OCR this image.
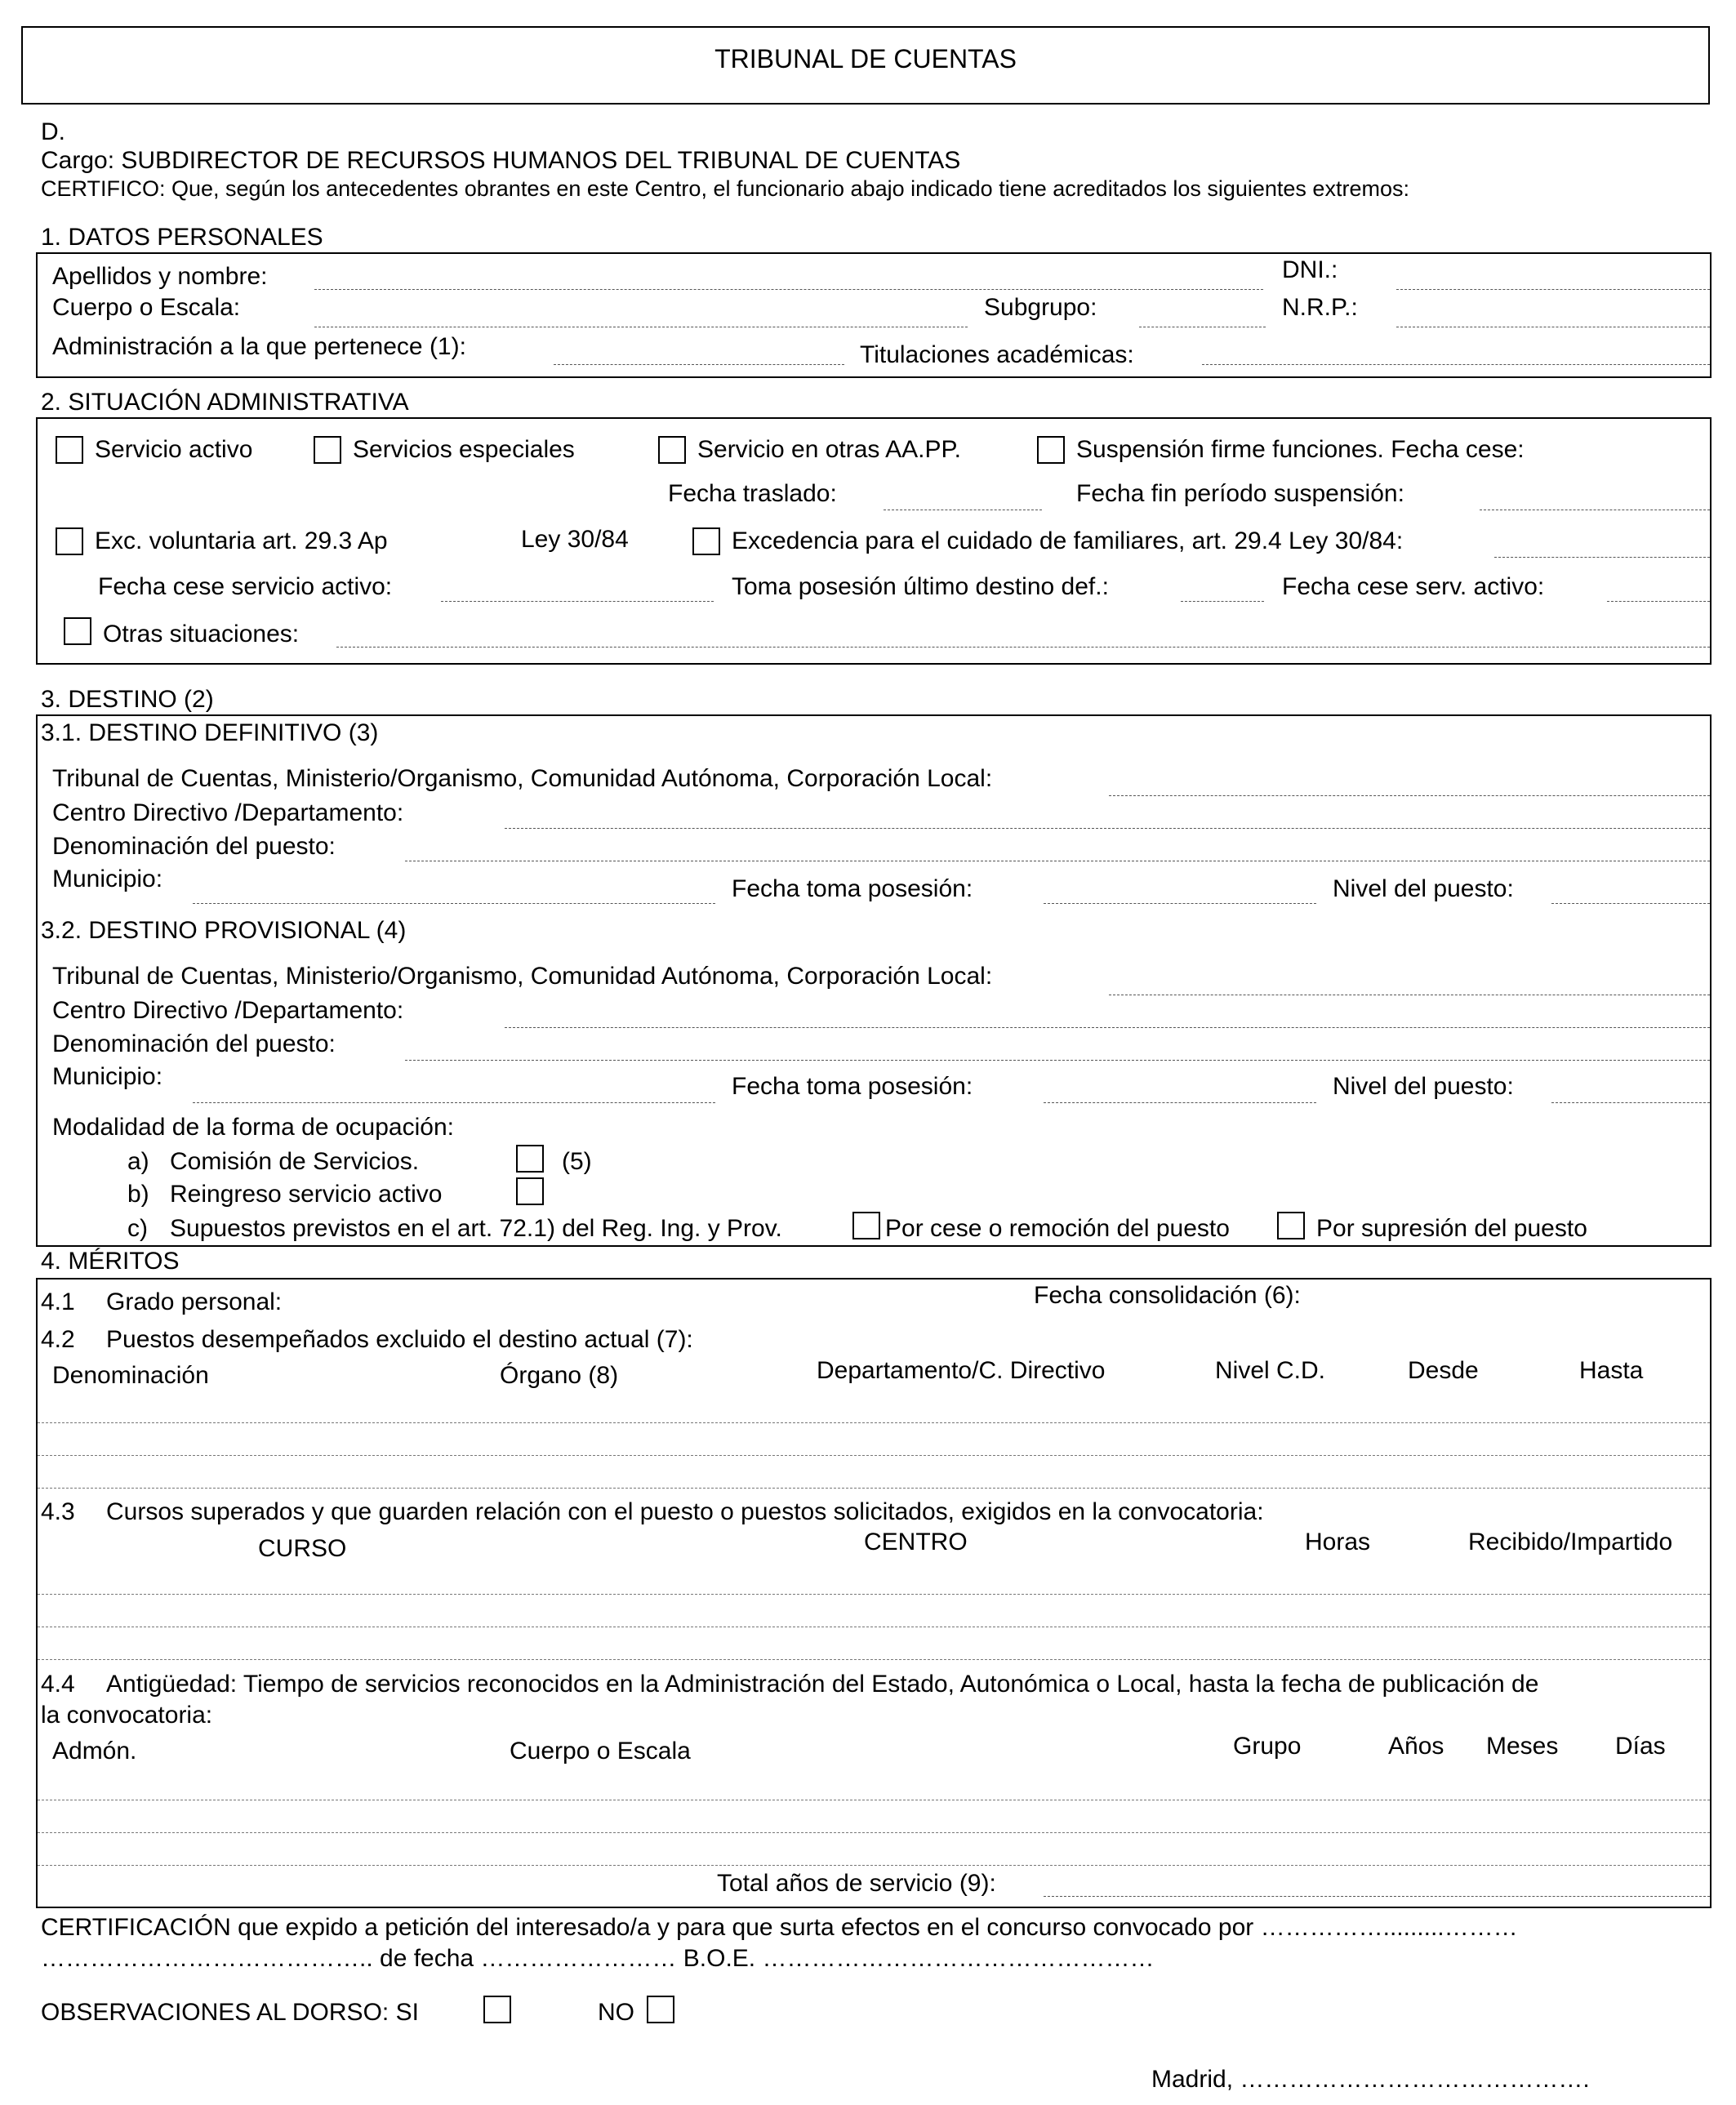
TRIBUNAL DE CUENTAS
D.
Cargo: SUBDIRECTOR DE RECURSOS HUMANOS DEL TRIBUNAL DE CUENTAS
CERTIFICO: Que, según los antecedentes obrantes en este Centro, el funcionario abajo indicado tiene acreditados los siguientes extremos:
1. DATOS PERSONALES
Apellidos y nombre:	DNI.:
Cuerpo o Escala:	Subgrupo:	N.R.P.:
Administración a la que pertenece (1):	Titulaciones académicas:
2. SITUACIÓN ADMINISTRATIVA
Servicio activo	Servicios especiales	Servicio en otras AA.PP.	Suspensión firme funciones. Fecha cese:
Fecha traslado:	Fecha fin período suspensión:
Exc. voluntaria art. 29.3 Ap	Ley 30/84	Excedencia para el cuidado de familiares, art. 29.4 Ley 30/84:
Fecha cese servicio activo:	Toma posesión último destino def.:	Fecha cese serv. activo:
Otras situaciones:
3. DESTINO (2)
3.1. DESTINO DEFINITIVO (3)
Tribunal de Cuentas, Ministerio/Organismo, Comunidad Autónoma, Corporación Local:
Centro Directivo /Departamento:
Denominación del puesto:
Municipio:	Fecha toma posesión:	Nivel del puesto:
3.2. DESTINO PROVISIONAL (4)
Tribunal de Cuentas, Ministerio/Organismo, Comunidad Autónoma, Corporación Local:
Centro Directivo /Departamento:
Denominación del puesto:
Municipio:	Fecha toma posesión:	Nivel del puesto:
Modalidad de la forma de ocupación:
a) Comisión de Servicios.	(5)
b) Reingreso servicio activo
c) Supuestos previstos en el art. 72.1) del Reg. Ing. y Prov.	Por cese o remoción del puesto	Por supresión del puesto
4. MÉRITOS
4.1 Grado personal:	Fecha consolidación (6):
4.2 Puestos desempeñados excluido el destino actual (7):
Denominación	Órgano (8)	Departamento/C. Directivo	Nivel C.D.	Desde	Hasta
4.3 Cursos superados y que guarden relación con el puesto o puestos solicitados, exigidos en la convocatoria:
CURSO	CENTRO	Horas	Recibido/Impartido
4.4 Antigüedad: Tiempo de servicios reconocidos en la Administración del Estado, Autonómica o Local, hasta la fecha de publicación de
la convocatoria:
Admón.	Cuerpo o Escala	Grupo	Años Meses Días
Total años de servicio (9):
CERTIFICACIÓN que expido a petición del interesado/a y para que surta efectos en el concurso convocado por …………….........………
………………………………….. de fecha …………………… B.O.E. …………………………………………
OBSERVACIONES AL DORSO: SI	NO
Madrid, …………………………………….
